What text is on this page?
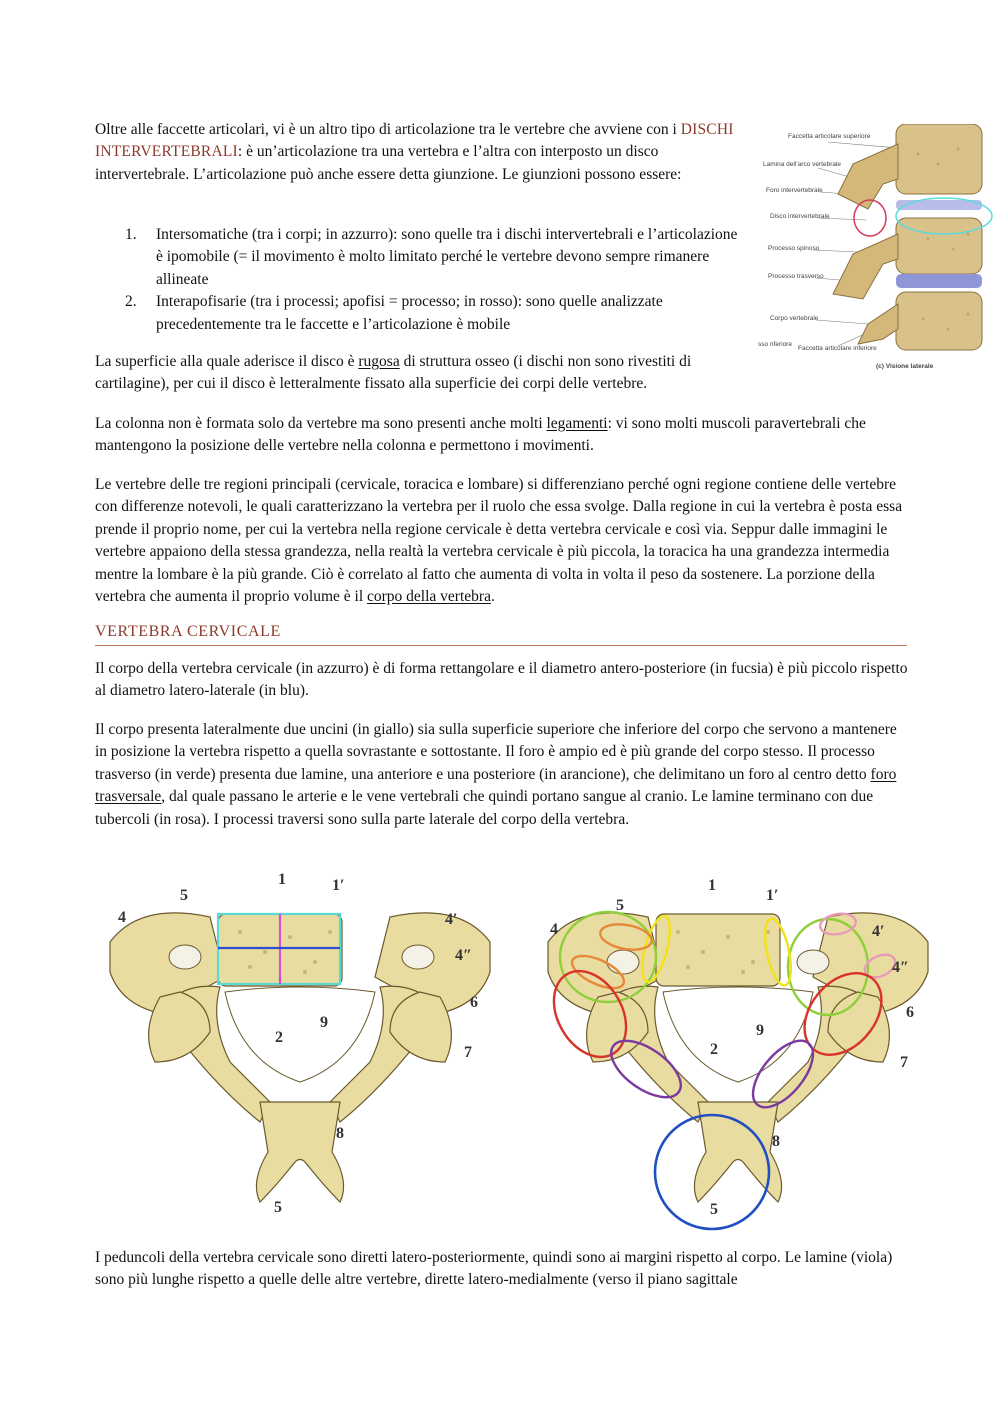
Oltre alle faccette articolari, vi è un altro tipo di articolazione tra le vertebre che avviene con i DISCHI INTERVERTEBRALI: è un’articolazione tra una vertebra e l’altra con interposto un disco intervertebrale. L’articolazione può anche essere detta giunzione. Le giunzioni possono essere:

1. Intersomatiche (tra i corpi; in azzurro): sono quelle tra i dischi intervertebrali e l’articolazione è ipomobile (= il movimento è molto limitato perché le vertebre devono sempre rimanere allineate
2. Interapofisarie (tra i processi; apofisi = processo; in rosso): sono quelle analizzate precedentemente tra le faccette e l’articolazione è mobile
Faccetta articolare superiore
Lamina dell’arco vertebrale
Foro intervertebrale
Disco intervertebrale
Processo spinoso
Processo trasverso
Corpo vertebrale
sso nferiore
Faccetta articolare inferiore
(c) Visione laterale

La superficie alla quale aderisce il disco è rugosa di struttura osseo (i dischi non sono rivestiti di cartilagine), per cui il disco è letteralmente fissato alla superficie dei corpi delle vertebre.

La colonna non è formata solo da vertebre ma sono presenti anche molti legamenti: vi sono molti muscoli paravertebrali che mantengono la posizione delle vertebre nella colonna e permettono i movimenti.

Le vertebre delle tre regioni principali (cervicale, toracica e lombare) si differenziano perché ogni regione contiene delle vertebre con differenze notevoli, le quali caratterizzano la vertebra per il ruolo che essa svolge. Dalla regione in cui la vertebra è posta essa prende il proprio nome, per cui la vertebra nella regione cervicale è detta vertebra cervicale e così via. Seppur dalle immagini le vertebre appaiono della stessa grandezza, nella realtà la vertebra cervicale è più piccola, la toracica ha una grandezza intermedia mentre la lombare è la più grande. Ciò è correlato al fatto che aumenta di volta in volta il peso da sostenere. La porzione della vertebra che aumenta il proprio volume è il corpo della vertebra.

VERTEBRA CERVICALE

Il corpo della vertebra cervicale (in azzurro) è di forma rettangolare e il diametro antero-posteriore (in fucsia) è più piccolo rispetto al diametro latero-laterale (in blu).

Il corpo presenta lateralmente due uncini (in giallo) sia sulla superficie superiore che inferiore del corpo che servono a mantenere in posizione la vertebra rispetto a quella sovrastante e sottostante. Il foro è ampio ed è più grande del corpo stesso. Il processo trasverso (in verde) presenta due lamine, una anteriore e una posteriore (in arancione), che delimitano un foro al centro detto foro trasversale, dal quale passano le arterie e le vene vertebrali che quindi portano sangue al cranio. Le lamine terminano con due tubercoli (in rosa). I processi traversi sono sulla parte laterale del corpo della vertebra.

1	1′
5
4	4′
4″
6
9
2
7
8
5
1
1′
5
4	4′
4″
6
9
2
7
8
5

I peduncoli della vertebra cervicale sono diretti latero-posteriormente, quindi sono ai margini rispetto al corpo. Le lamine (viola) sono più lunghe rispetto a quelle delle altre vertebre, dirette latero-medialmente (verso il piano sagittale
